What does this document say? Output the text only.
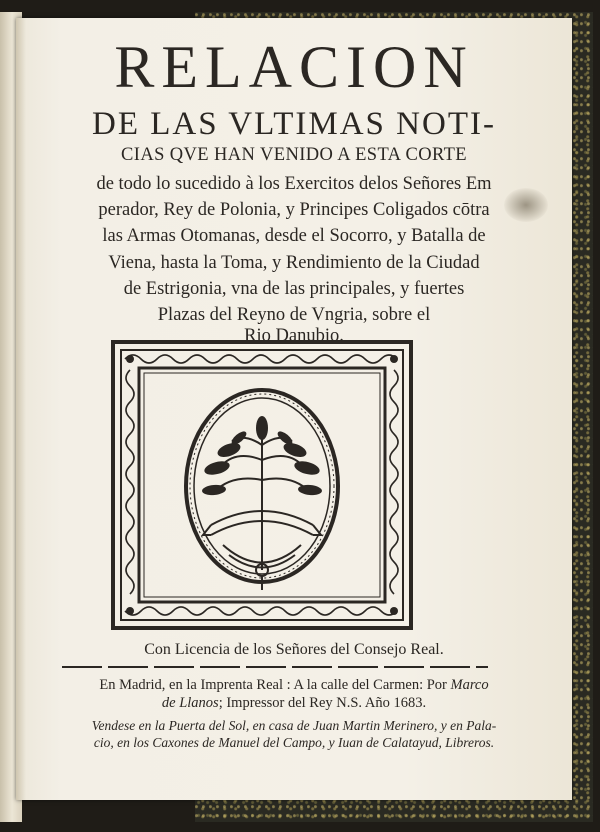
RELACION
DE LAS VLTIMAS NOTI-
CIAS QVE HAN VENIDO A ESTA CORTE
de todo lo sucedido à los Exercitos delos Señores Em
perador, Rey de Polonia, y Principes Coligados cōtra
las Armas Otomanas, desde el Socorro, y Batalla de
Viena, hasta la Toma, y Rendimiento de la Ciudad
de Estrigonia, vna de las principales, y fuertes
Plazas del Reyno de Vngria, sobre el
Rio Danubio.
Con Licencia de los Señores del Consejo Real.
En Madrid, en la Imprenta Real : A la calle del Carmen: Por Marco
de Llanos; Impressor del Rey N.S. Año 1683.
Vendese en la Puerta del Sol, en casa de Juan Martin Merinero, y en Pala-
cio, en los Caxones de Manuel del Campo, y Iuan de Calatayud, Libreros.
